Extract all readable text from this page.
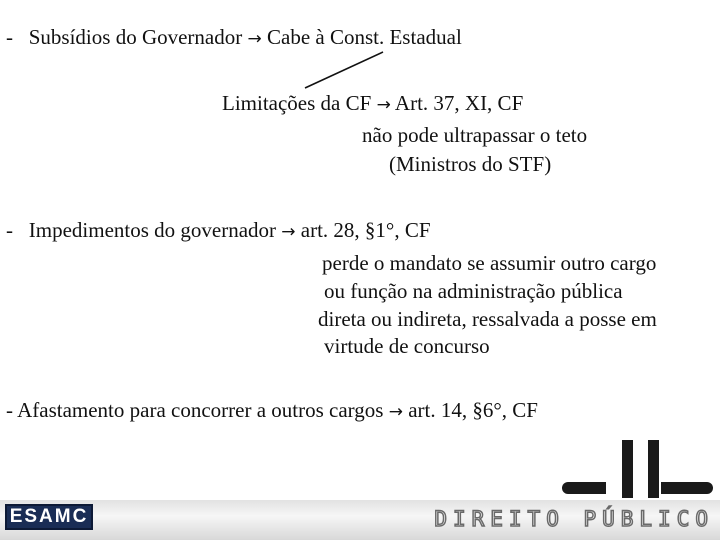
- Subsídios do Governador → Cabe à Const. Estadual
Limitações da CF → Art. 37, XI, CF
não pode ultrapassar o teto
(Ministros do STF)
- Impedimentos do governador → art. 28, §1°, CF
perde o mandato se assumir outro cargo
ou função na administração pública
direta ou indireta, ressalvada a posse em
virtude de concurso
- Afastamento para concorrer a outros cargos → art. 14, §6°, CF
ESAMC	DIREITO PÚBLICO
